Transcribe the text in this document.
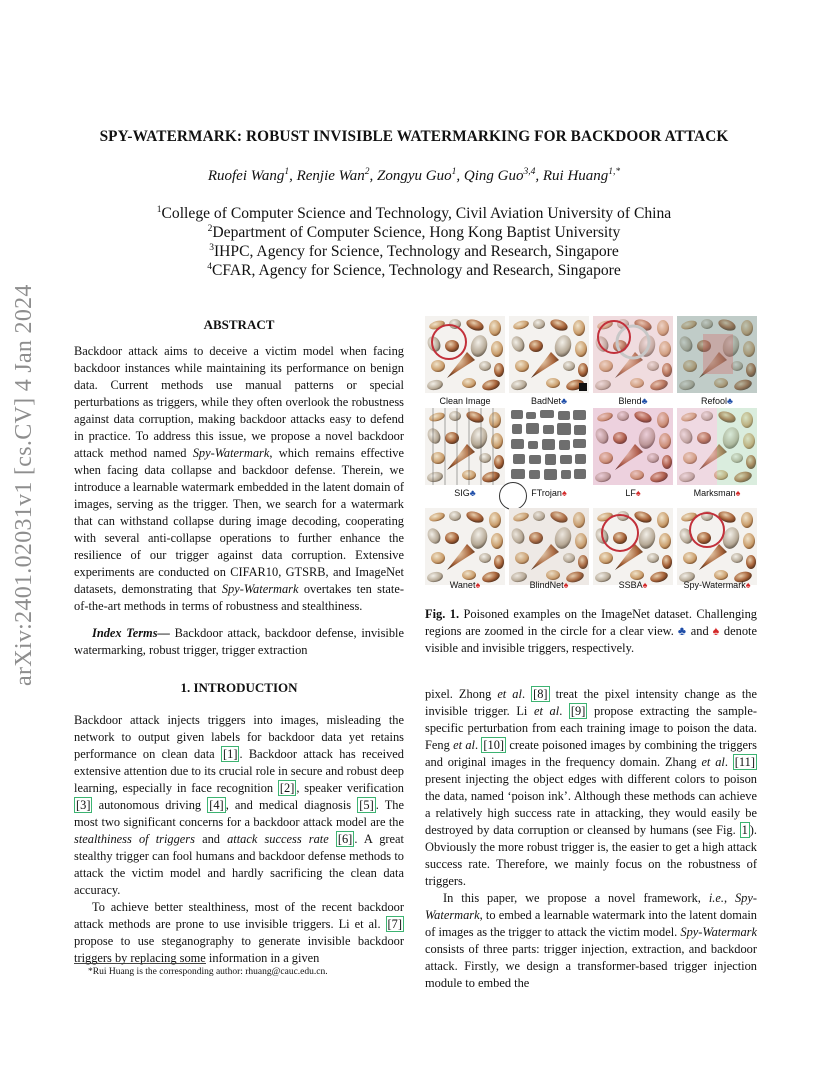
arXiv:2401.02031v1 [cs.CV] 4 Jan 2024
SPY-WATERMARK: ROBUST INVISIBLE WATERMARKING FOR BACKDOOR ATTACK
Ruofei Wang$^1$, Renjie Wan$^2$, Zongyu Guo$^1$, Qing Guo$^{3,4}$, Rui Huang$^{1,*}$
$^1$College of Computer Science and Technology, Civil Aviation University of China
$^2$Department of Computer Science, Hong Kong Baptist University
$^3$IHPC, Agency for Science, Technology and Research, Singapore
$^4$CFAR, Agency for Science, Technology and Research, Singapore
ABSTRACT

Backdoor attack aims to deceive a victim model when facing backdoor instances while maintaining its performance on benign data. Current methods use manual patterns or special perturbations as triggers, while they often overlook the robustness against data corruption, making backdoor attacks easy to defend in practice. To address this issue, we propose a novel backdoor attack method named Spy-Watermark, which remains effective when facing data collapse and backdoor defense. Therein, we introduce a learnable watermark embedded in the latent domain of images, serving as the trigger. Then, we search for a watermark that can withstand collapse during image decoding, cooperating with several anti-collapse operations to further enhance the resilience of our trigger against data corruption. Extensive experiments are conducted on CIFAR10, GTSRB, and ImageNet datasets, demonstrating that Spy-Watermark overtakes ten state-of-the-art methods in terms of robustness and stealthiness.

Index Terms— Backdoor attack, backdoor defense, invisible watermarking, robust trigger, trigger extraction

1. INTRODUCTION

Backdoor attack injects triggers into images, misleading the network to output given labels for backdoor data yet retains performance on clean data [1] . Backdoor attack has received extensive attention due to its crucial role in secure and robust deep learning, especially in face recognition [2] , speaker verification [3] autonomous driving [4] , and medical diagnosis [5] . The most two significant concerns for a backdoor attack model are the stealthiness of triggers and attack success rate [6] . A great stealthy trigger can fool humans and backdoor defense methods to attack the victim model and hardly sacrificing the clean data accuracy.

To achieve better stealthiness, most of the recent backdoor attack methods are prone to use invisible triggers. Li et al. [7] propose to use steganography to generate invisible backdoor triggers by replacing some information in a given

*Rui Huang is the corresponding author: rhuang@cauc.edu.cn.
Clean Image	BadNet♣	Blend♣	Refool♣
SIG♣	FTrojan♠	LF♠	Marksman♠
Wanet♠	BlindNet♠	SSBA♠	Spy-Watermark♠
Fig. 1. Poisoned examples on the ImageNet dataset. Challenging regions are zoomed in the circle for a clear view. ♣ and ♠ denote visible and invisible triggers, respectively.

pixel. Zhong et al. [8] treat the pixel intensity change as the invisible trigger. Li et al. [9] propose extracting the sample-specific perturbation from each training image to poison the data. Feng et al. [10] create poisoned images by combining the triggers and original images in the frequency domain. Zhang et al. [11] present injecting the object edges with different colors to poison the data, named ‘poison ink’. Although these methods can achieve a relatively high success rate in attacking, they would easily be destroyed by data corruption or cleansed by humans (see Fig. 1 ). Obviously the more robust trigger is, the easier to get a high attack success rate. Therefore, we mainly focus on the robustness of triggers.

In this paper, we propose a novel framework, i.e., Spy-Watermark, to embed a learnable watermark into the latent domain of images as the trigger to attack the victim model. Spy-Watermark consists of three parts: trigger injection, extraction, and backdoor attack. Firstly, we design a transformer-based trigger injection module to embed the
